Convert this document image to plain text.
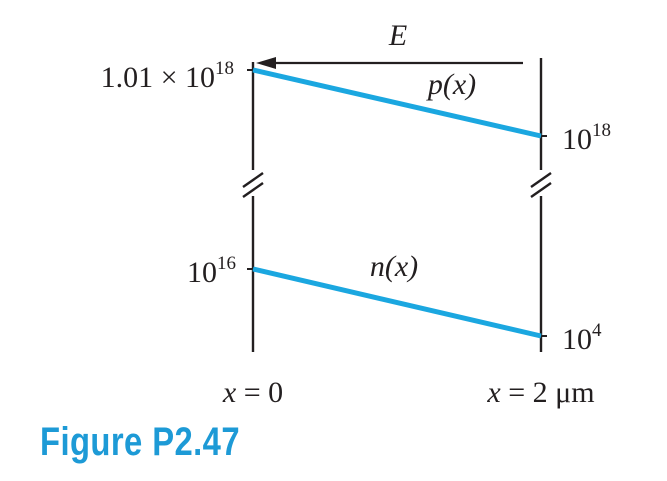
E
p(x)
n(x)
$1.01 \times 10^{18}$
$10^{18}$
$10^{16}$
$10^4$
x = 0	x = 2 μm
Figure P2.47
